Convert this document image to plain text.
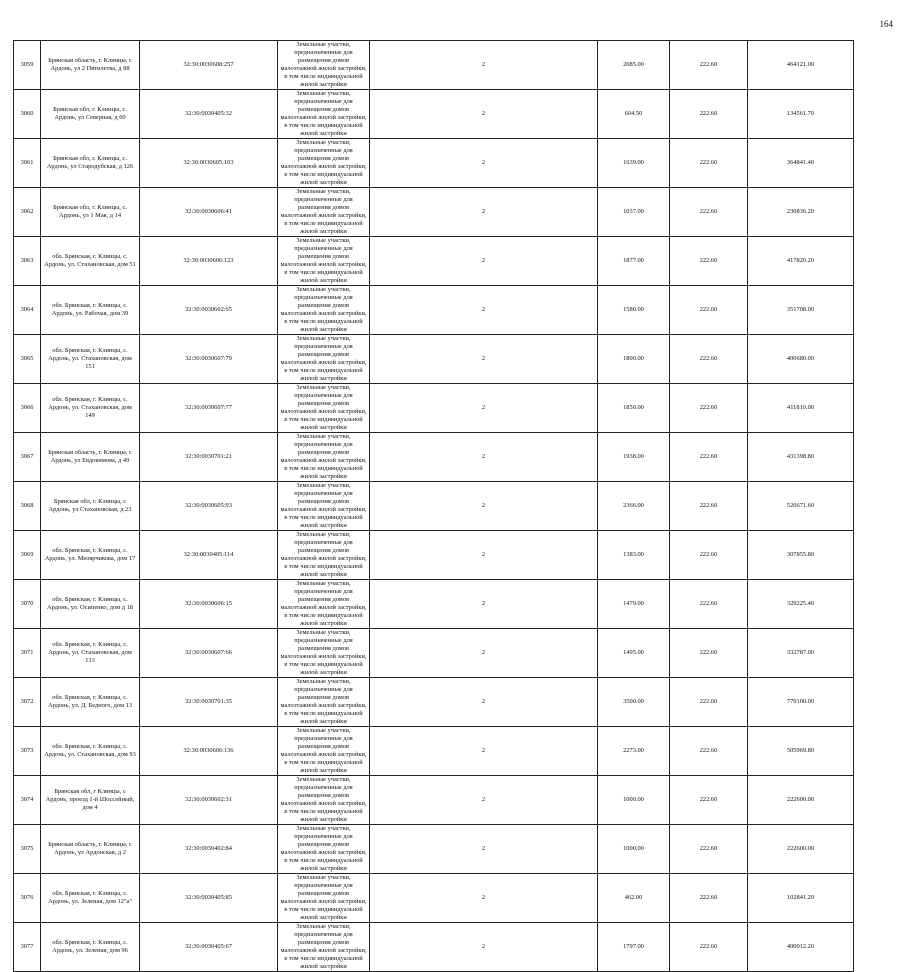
164
3059	Брянская область, г. Клинцы, с Ардонь, ул 2 Пятилетка, д 88	32:30:0030608:257	Земельные участки, предназначенные для размещения домов малоэтажной жилой застройки, в том числе индивидуальной жилой застройки	2	2085.00	222.60	464121.00
3060	Брянская обл, г. Клинцы, с. Ардонь, ул Северная, д 60	32:30:0030405:32	Земельные участки, предназначенные для размещения домов малоэтажной жилой застройки, в том числе индивидуальной жилой застройки	2	604.50	222.60	134561.70
3061	Брянская обл, г. Клинцы, с. Ардонь, ул Стародубская, д 126	32:30:0030605:103	Земельные участки, предназначенные для размещения домов малоэтажной жилой застройки, в том числе индивидуальной жилой застройки	2	1639.00	222.60	364841.40
3062	Брянская обл, г. Клинцы, с. Ардонь, ул 1 Мая, д 14	32:30:0030606:41	Земельные участки, предназначенные для размещения домов малоэтажной жилой застройки, в том числе индивидуальной жилой застройки	2	1037.00	222.60	230836.20
3063	обл. Брянская, г. Клинцы, с. Ардонь, ул. Стахановская, дом 51	32:30:0030606:123	Земельные участки, предназначенные для размещения домов малоэтажной жилой застройки, в том числе индивидуальной жилой застройки	2	1877.00	222.60	417820.20
3064	обл. Брянская, г. Клинцы, с. Ардонь, ул. Рабочая, дом 39	32:30:0030602:65	Земельные участки, предназначенные для размещения домов малоэтажной жилой застройки, в том числе индивидуальной жилой застройки	2	1580.00	222.60	351708.00
3065	обл. Брянская, г. Клинцы, с. Ардонь, ул. Стахановская, дом 151	32:30:0030607:79	Земельные участки, предназначенные для размещения домов малоэтажной жилой застройки, в том числе индивидуальной жилой застройки	2	1800.00	222.60	400680.00
3066	обл. Брянская, г. Клинцы, с. Ардонь, ул. Стахановская, дом 149	32:30:0030607:77	Земельные участки, предназначенные для размещения домов малоэтажной жилой застройки, в том числе индивидуальной жилой застройки	2	1850.00	222.60	411810.00
3067	Брянская область, г. Клинцы, с Ардонь, ул Евдокимова, д 49	32:30:0030701:21	Земельные участки, предназначенные для размещения домов малоэтажной жилой застройки, в том числе индивидуальной жилой застройки	2	1938.00	222.60	431398.80
3068	Брянская обл, г. Клинцы, с Ардонь, ул Стахановская, д 23	32:30:0030605:93	Земельные участки, предназначенные для размещения домов малоэтажной жилой застройки, в том числе индивидуальной жилой застройки	2	2366.00	222.60	526671.60
3069	обл. Брянская, г. Клинцы, с. Ардонь, ул. Мизярчикова, дом 17	32:30:0030405:114	Земельные участки, предназначенные для размещения домов малоэтажной жилой застройки, в том числе индивидуальной жилой застройки	2	1383.00	222.60	307855.80
3070	обл. Брянская, г. Клинцы, с. Ардонь, ул. Осипенко, дом д 18	32:30:0030606:15	Земельные участки, предназначенные для размещения домов малоэтажной жилой застройки, в том числе индивидуальной жилой застройки	2	1479.00	222.60	329225.40
3071	обл. Брянская, г. Клинцы, с. Ардонь, ул. Стахановская, дом 133	32:30:0030607:66	Земельные участки, предназначенные для размещения домов малоэтажной жилой застройки, в том числе индивидуальной жилой застройки	2	1495.00	222.60	332787.00
3072	обл. Брянская, г. Клинцы, с. Ардонь, ул. Д. Бедного, дом 13	32:30:0030701:35	Земельные участки, предназначенные для размещения домов малоэтажной жилой застройки, в том числе индивидуальной жилой застройки	2	3500.00	222.60	779100.00
3073	обл. Брянская, г. Клинцы, с. Ардонь, ул. Стахановская, дом 93	32:30:0030606:136	Земельные участки, предназначенные для размещения домов малоэтажной жилой застройки, в том числе индивидуальной жилой застройки	2	2273.00	222.60	505969.80
3074	Брянская обл, г Клинцы, с Ардонь, проезд 1-й Шоссейный, дом 4	32:30:0030602:31	Земельные участки, предназначенные для размещения домов малоэтажной жилой застройки, в том числе индивидуальной жилой застройки	2	1000.00	222.60	222600.00
3075	Брянская область, г. Клинцы, с Ардонь, ул Ардонская, д 2	32:30:0030402:84	Земельные участки, предназначенные для размещения домов малоэтажной жилой застройки, в том числе индивидуальной жилой застройки	2	1000.00	222.60	222600.00
3076	обл. Брянская, г. Клинцы, с. Ардонь, ул. Зеленая, дом 12"а"	32:30:0030405:85	Земельные участки, предназначенные для размещения домов малоэтажной жилой застройки, в том числе индивидуальной жилой застройки	2	462.00	222.60	102841.20
3077	обл. Брянская, г. Клинцы, с. Ардонь, ул. Зеленая, дом 96	32:30:0030405:67	Земельные участки, предназначенные для размещения домов малоэтажной жилой застройки, в том числе индивидуальной жилой застройки	2	1797.00	222.60	400012.20
